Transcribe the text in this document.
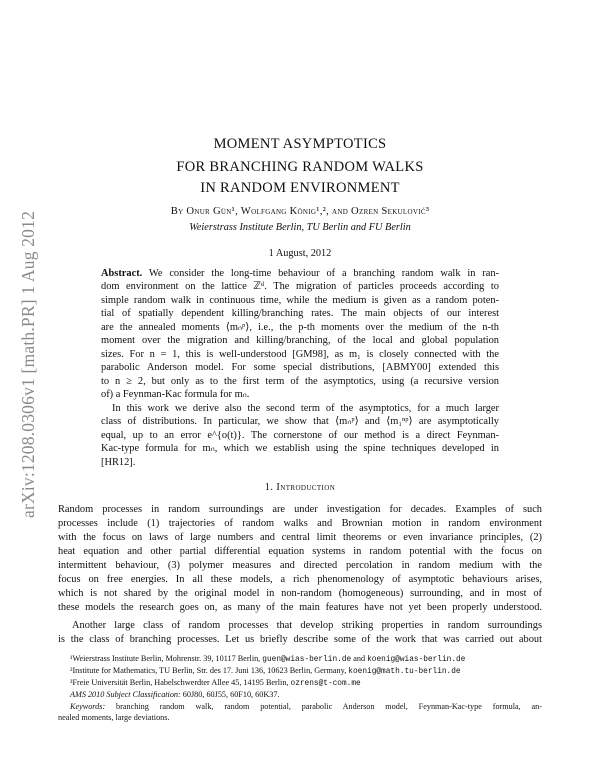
arXiv:1208.0306v1 [math.PR] 1 Aug 2012
MOMENT ASYMPTOTICS
FOR BRANCHING RANDOM WALKS
IN RANDOM ENVIRONMENT
By Onur Gün¹, Wolfgang König¹,², and Ozren Sekulović³
Weierstrass Institute Berlin, TU Berlin and FU Berlin
1 August, 2012
Abstract. We consider the long-time behaviour of a branching random walk in ran-
dom environment on the lattice ℤᵈ. The migration of particles proceeds according to
simple random walk in continuous time, while the medium is given as a random poten-
tial of spatially dependent killing/branching rates. The main objects of our interest
are the annealed moments ⟨mₙᵖ⟩, i.e., the p-th moments over the medium of the n-th
moment over the migration and killing/branching, of the local and global population
sizes. For n = 1, this is well-understood [GM98], as m₁ is closely connected with the
parabolic Anderson model. For some special distributions, [ABMY00] extended this
to n ≥ 2, but only as to the first term of the asymptotics, using (a recursive version
of) a Feynman-Kac formula for mₙ.
In this work we derive also the second term of the asymptotics, for a much larger
class of distributions. In particular, we show that ⟨mₙᵖ⟩ and ⟨m₁ⁿᵖ⟩ are asymptotically
equal, up to an error e^{o(t)}. The cornerstone of our method is a direct Feynman-
Kac-type formula for mₙ, which we establish using the spine techniques developed in
[HR12].
1. Introduction
Random processes in random surroundings are under investigation for decades. Examples of such
processes include (1) trajectories of random walks and Brownian motion in random environment
with the focus on laws of large numbers and central limit theorems or even invariance principles, (2)
heat equation and other partial differential equation systems in random potential with the focus on
intermittent behaviour, (3) polymer measures and directed percolation in random medium with the
focus on free energies. In all these models, a rich phenomenology of asymptotic behaviours arises,
which is not shared by the original model in non-random (homogeneous) surrounding, and in most of
these models the research goes on, as many of the main features have not yet been properly understood.
Another large class of random processes that develop striking properties in random surroundings
is the class of branching processes. Let us briefly describe some of the work that was carried out about
¹Weierstrass Institute Berlin, Mohrenstr. 39, 10117 Berlin, guen@wias-berlin.de and koenig@wias-berlin.de
²Institute for Mathematics, TU Berlin, Str. des 17. Juni 136, 10623 Berlin, Germany, koenig@math.tu-berlin.de
³Freie Universität Berlin, Habelschwerdter Allee 45, 14195 Berlin, ozrens@t-com.me
AMS 2010 Subject Classification: 60J80, 60J55, 60F10, 60K37.
Keywords: branching random walk, random potential, parabolic Anderson model, Feynman-Kac-type formula, an-
nealed moments, large deviations.
